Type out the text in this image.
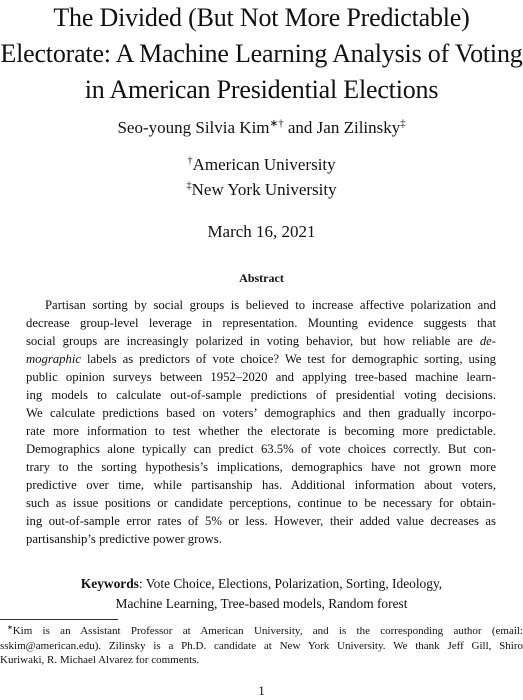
The Divided (But Not More Predictable)
Electorate: A Machine Learning Analysis of Voting
in American Presidential Elections
Seo-young Silvia Kim∗† and Jan Zilinsky‡
†American University
‡New York University
March 16, 2021
Abstract
Partisan sorting by social groups is believed to increase affective polarization and
decrease group-level leverage in representation. Mounting evidence suggests that
social groups are increasingly polarized in voting behavior, but how reliable are de-
mographic labels as predictors of vote choice? We test for demographic sorting, using
public opinion surveys between 1952–2020 and applying tree-based machine learn-
ing models to calculate out-of-sample predictions of presidential voting decisions.
We calculate predictions based on voters’ demographics and then gradually incorpo-
rate more information to test whether the electorate is becoming more predictable.
Demographics alone typically can predict 63.5% of vote choices correctly. But con-
trary to the sorting hypothesis’s implications, demographics have not grown more
predictive over time, while partisanship has. Additional information about voters,
such as issue positions or candidate perceptions, continue to be necessary for obtain-
ing out-of-sample error rates of 5% or less. However, their added value decreases as
partisanship’s predictive power grows.
Keywords: Vote Choice, Elections, Polarization, Sorting, Ideology,
Machine Learning, Tree-based models, Random forest
∗Kim is an Assistant Professor at American University, and is the corresponding author (email:
sskim@american.edu). Zilinsky is a Ph.D. candidate at New York University. We thank Jeff Gill, Shiro
Kuriwaki, R. Michael Alvarez for comments.
1
